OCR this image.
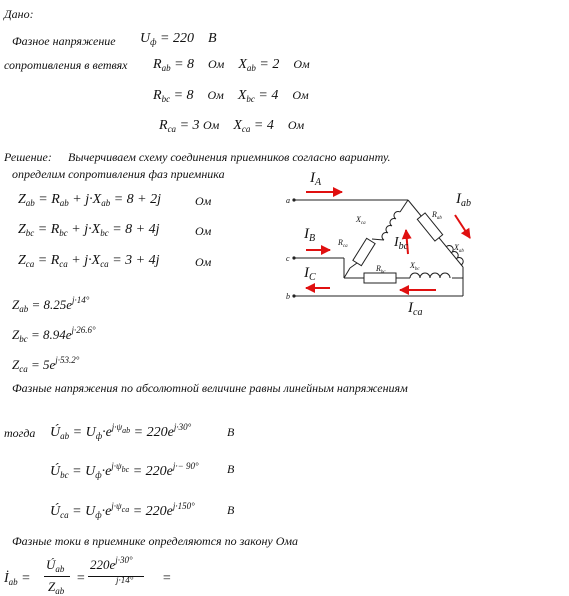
Дано:
Фазное напряжение $U_ф = 220$ В
сопротивления в ветвях $R_{ab} = 8$ Ом $X_{ab} = 2$ Ом
$R_{bc} = 8$ Ом $X_{bc} = 4$ Ом
$R_{ca} = 3$ Ом $X_{ca} = 4$ Ом
Решение: Вычерчиваем схему соединения приемников согласно варианту.
определим сопротивления фаз приемника
$Z_{ab} = R_{ab} + j\cdot X_{ab} = 8 + 2j$	Ом
$Z_{bc} = R_{bc} + j\cdot X_{bc} = 8 + 4j$	Ом
$Z_{ca} = R_{ca} + j\cdot X_{ca} = 3 + 4j$	Ом
$Z_{ab} = 8.25e^{j\cdot 14^\circ}$
$Z_{bc} = 8.94e^{j\cdot 26.6^\circ}$
$Z_{ca} = 5e^{j\cdot 53.2^\circ}$
Фазные напряжения по абсолютной величине равны линейным напряжениям
тогда $Ú_{ab} = U_ф\cdot e^{j\cdot\psi_{ab}} = 220e^{j\cdot 30^\circ}$	В
$Ú_{bc} = U_ф\cdot e^{j\cdot\psi_{bc}} = 220e^{j\cdot- 90^\circ}$ В
$Ú_{ca} = U_ф\cdot e^{j\cdot\psi_{ca}} = 220e^{j\cdot 150^\circ}$	В
Фазные токи в приемнике определяются по закону Ома
$İ_{ab}$ =
$Ú_{ab}$
$Z_{ab}$
=
$220e^{j\cdot 30^\circ}$
$^{j\cdot 14^\circ}$ =
a
c
b
$I_A$
$I_B$
$I_C$
$I_{ab}$
$I_{bc}$
$I_{ca}$
$X_{ca}$
$R_{ca}$
$R_{ab}$
$X_{ab}$
$R_{bc}$
$X_{bc}$
